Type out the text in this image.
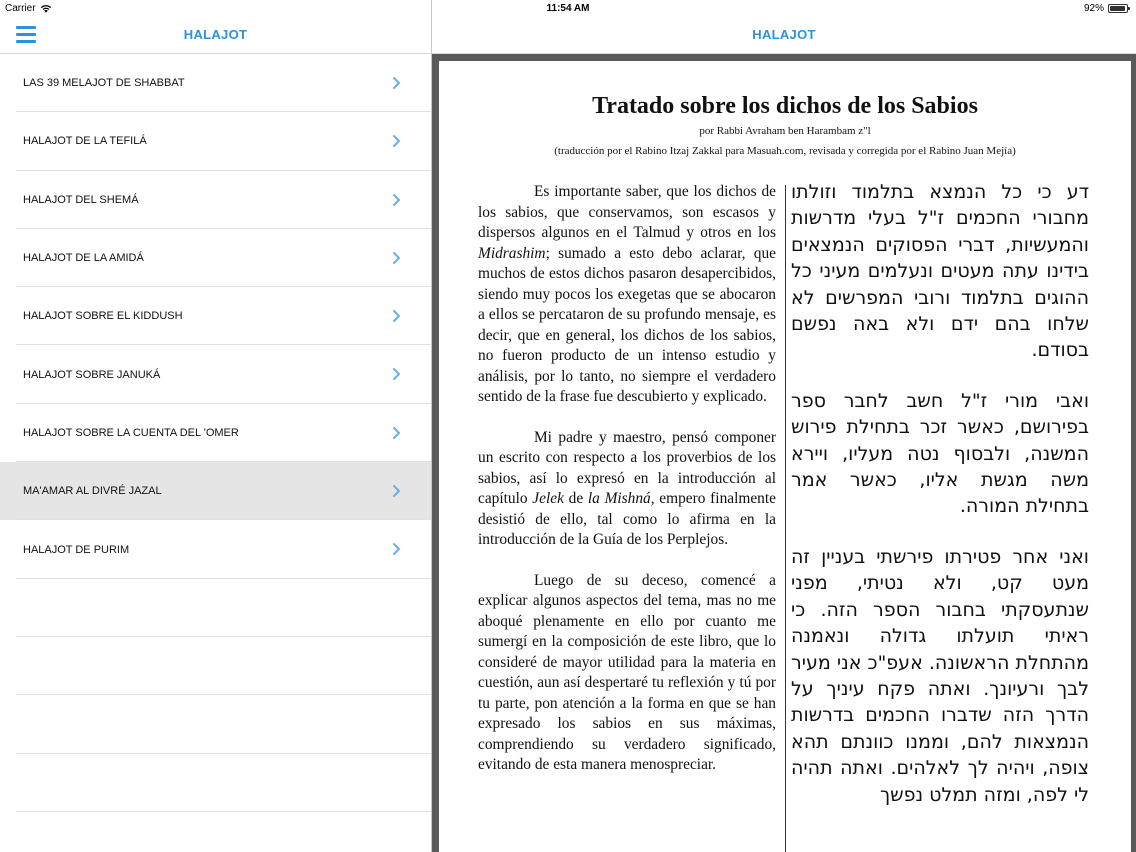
Carrier	11:54 AM	92%
HALAJOT
LAS 39 MELAJOT DE SHABBAT
HALAJOT DE LA TEFILÁ
HALAJOT DEL SHEMÁ
HALAJOT DE LA AMIDÁ
HALAJOT SOBRE EL KIDDUSH
HALAJOT SOBRE JANUKÁ
HALAJOT SOBRE LA CUENTA DEL 'OMER
MA'AMAR AL DIVRÉ JAZAL
HALAJOT DE PURIM
HALAJOT
Tratado sobre los dichos de los Sabios
por Rabbi Avraham ben Harambam z"l
(traducción por el Rabino Itzaj Zakkal para Masuah.com, revisada y corregida por el Rabino Juan Mejía)

Es importante saber, que los dichos de los sabios, que conservamos, son escasos y dispersos algunos en el Talmud y otros en los Midrashim; sumado a esto debo aclarar, que muchos de estos dichos pasaron desapercibidos, siendo muy pocos los exegetas que se abocaron a ellos se percataron de su profundo mensaje, es decir, que en general, los dichos de los sabios, no fueron producto de un intenso estudio y análisis, por lo tanto, no siempre el verdadero sentido de la frase fue descubierto y explicado.

Mi padre y maestro, pensó componer un escrito con respecto a los proverbios de los sabios, así lo expresó en la introducción al capítulo Jelek de la Mishná, empero finalmente desistió de ello, tal como lo afirma en la introducción de la Guía de los Perplejos.

Luego de su deceso, comencé a explicar algunos aspectos del tema, mas no me aboqué plenamente en ello por cuanto me sumergí en la composición de este libro, que lo consideré de mayor utilidad para la materia en cuestión, aun así despertaré tu reflexión y tú por tu parte, pon atención a la forma en que se han expresado los sabios en sus máximas, comprendiendo su verdadero significado, evitando de esta manera menospreciar.

דע כי כל הנמצא בתלמוד וזולתו מחבורי החכמים ז"ל בעלי מדרשות והמעשיות, דברי הפסוקים הנמצאים בידינו עתה מעטים ונעלמים מעיני כל ההוגים בתלמוד ורובי המפרשים לא שלחו בהם ידם ולא באה נפשם בסודם.

ואבי מורי ז"ל חשב לחבר ספר בפירושם, כאשר זכר בתחילת פירוש המשנה, ולבסוף נטה מעליו, ויירא משה מגשת אליו, כאשר אמר בתחילת המורה.

ואני אחר פטירתו פירשתי בעניין זה מעט קט, ולא נטיתי, מפני שנתעסקתי בחבור הספר הזה. כי ראיתי תועלתו גדולה ונאמנה מהתחלת הראשונה. אעפ"כ אני מעיר לבך ורעיונך. ואתה פקח עיניך על הדרך הזה שדברו החכמים בדרשות הנמצאות להם, וממנו כוונתם תהא צופה, ויהיה לך לאלהים. ואתה תהיה לי לפה, ומזה תמלט נפשך
